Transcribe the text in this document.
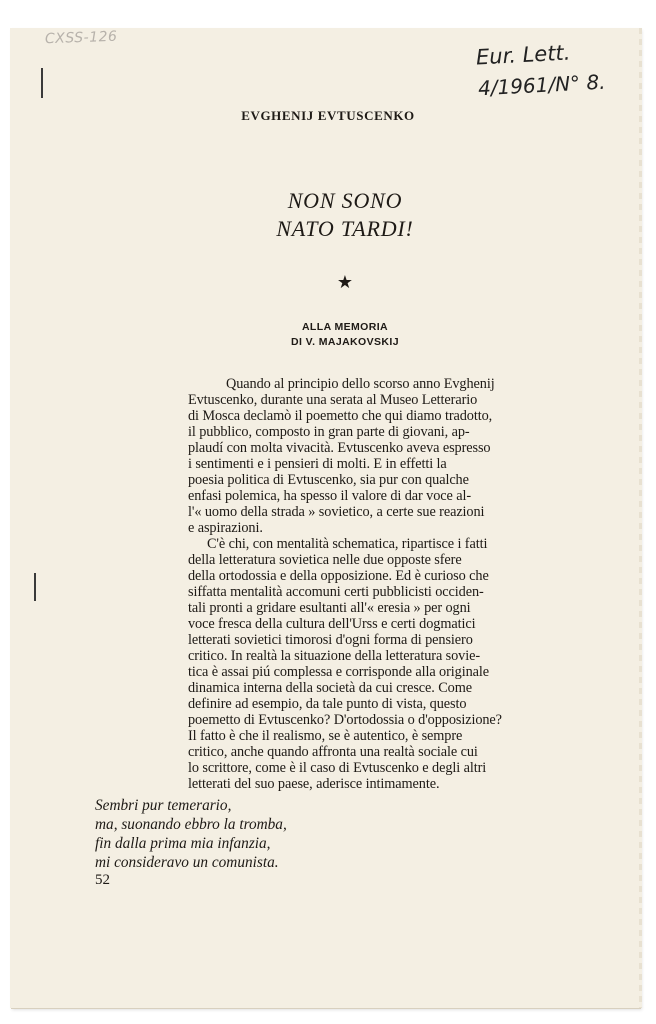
CXSS-126
Eur. Lett.
4/1961/N° 8.
EVGHENIJ EVTUSCENKO
NON SONO
NATO TARDI!
★
ALLA MEMORIA
DI V. MAJAKOVSKIJ
Quando al principio dello scorso anno Evghenij
Evtuscenko, durante una serata al Museo Letterario
di Mosca declamò il poemetto che qui diamo tradotto,
il pubblico, composto in gran parte di giovani, ap-
plaudí con molta vivacità. Evtuscenko aveva espresso
i sentimenti e i pensieri di molti. E in effetti la
poesia politica di Evtuscenko, sia pur con qualche
enfasi polemica, ha spesso il valore di dar voce al-
l'« uomo della strada » sovietico, a certe sue reazioni
e aspirazioni.
C'è chi, con mentalità schematica, ripartisce i fatti
della letteratura sovietica nelle due opposte sfere
della ortodossia e della opposizione. Ed è curioso che
siffatta mentalità accomuni certi pubblicisti occiden-
tali pronti a gridare esultanti all'« eresia » per ogni
voce fresca della cultura dell'Urss e certi dogmatici
letterati sovietici timorosi d'ogni forma di pensiero
critico. In realtà la situazione della letteratura sovie-
tica è assai piú complessa e corrisponde alla originale
dinamica interna della società da cui cresce. Come
definire ad esempio, da tale punto di vista, questo
poemetto di Evtuscenko? D'ortodossia o d'opposizione?
Il fatto è che il realismo, se è autentico, è sempre
critico, anche quando affronta una realtà sociale cui
lo scrittore, come è il caso di Evtuscenko e degli altri
letterati del suo paese, aderisce intimamente.
Sembri pur temerario,
ma, suonando ebbro la tromba,
fin dalla prima mia infanzia,
mi consideravo un comunista.
52
